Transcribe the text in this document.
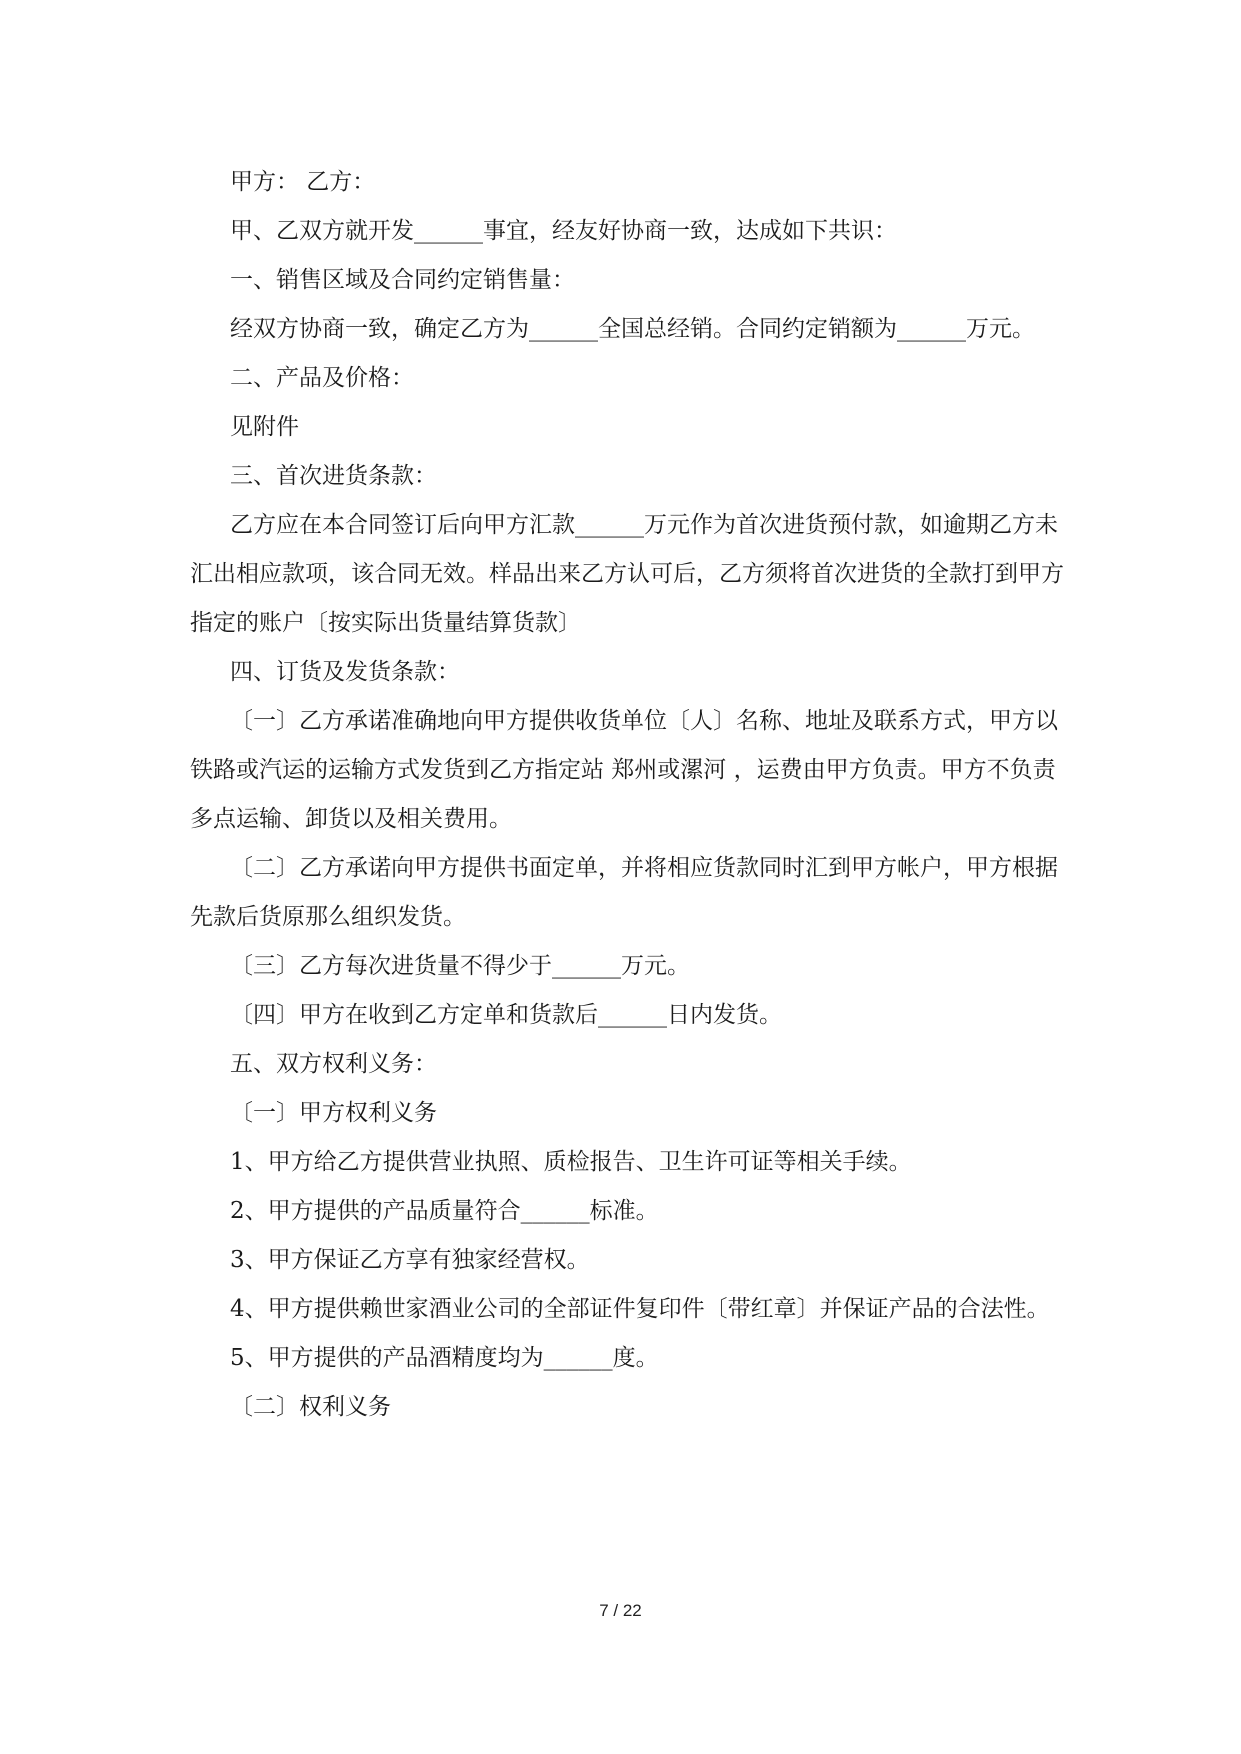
甲方： 乙方：

甲、乙双方就开发______事宜，经友好协商一致，达成如下共识：

一、销售区域及合同约定销售量：

经双方协商一致，确定乙方为______全国总经销。合同约定销额为______万元。

二、产品及价格：

见附件

三、首次进货条款：

乙方应在本合同签订后向甲方汇款______万元作为首次进货预付款，如逾期乙方未汇出相应款项，该合同无效。样品出来乙方认可后，乙方须将首次进货的全款打到甲方指定的账户〔按实际出货量结算货款〕

四、订货及发货条款：

〔一〕乙方承诺准确地向甲方提供收货单位〔人〕名称、地址及联系方式，甲方以铁路或汽运的运输方式发货到乙方指定站 郑州或漯河 ，运费由甲方负责。甲方不负责多点运输、卸货以及相关费用。

〔二〕乙方承诺向甲方提供书面定单，并将相应货款同时汇到甲方帐户，甲方根据先款后货原那么组织发货。

〔三〕乙方每次进货量不得少于______万元。

〔四〕甲方在收到乙方定单和货款后______日内发货。

五、双方权利义务：

〔一〕甲方权利义务

1、甲方给乙方提供营业执照、质检报告、卫生许可证等相关手续。

2、甲方提供的产品质量符合______标准。

3、甲方保证乙方享有独家经营权。

4、甲方提供赖世家酒业公司的全部证件复印件〔带红章〕并保证产品的合法性。

5、甲方提供的产品酒精度均为______度。

〔二〕权利义务

7 / 22
